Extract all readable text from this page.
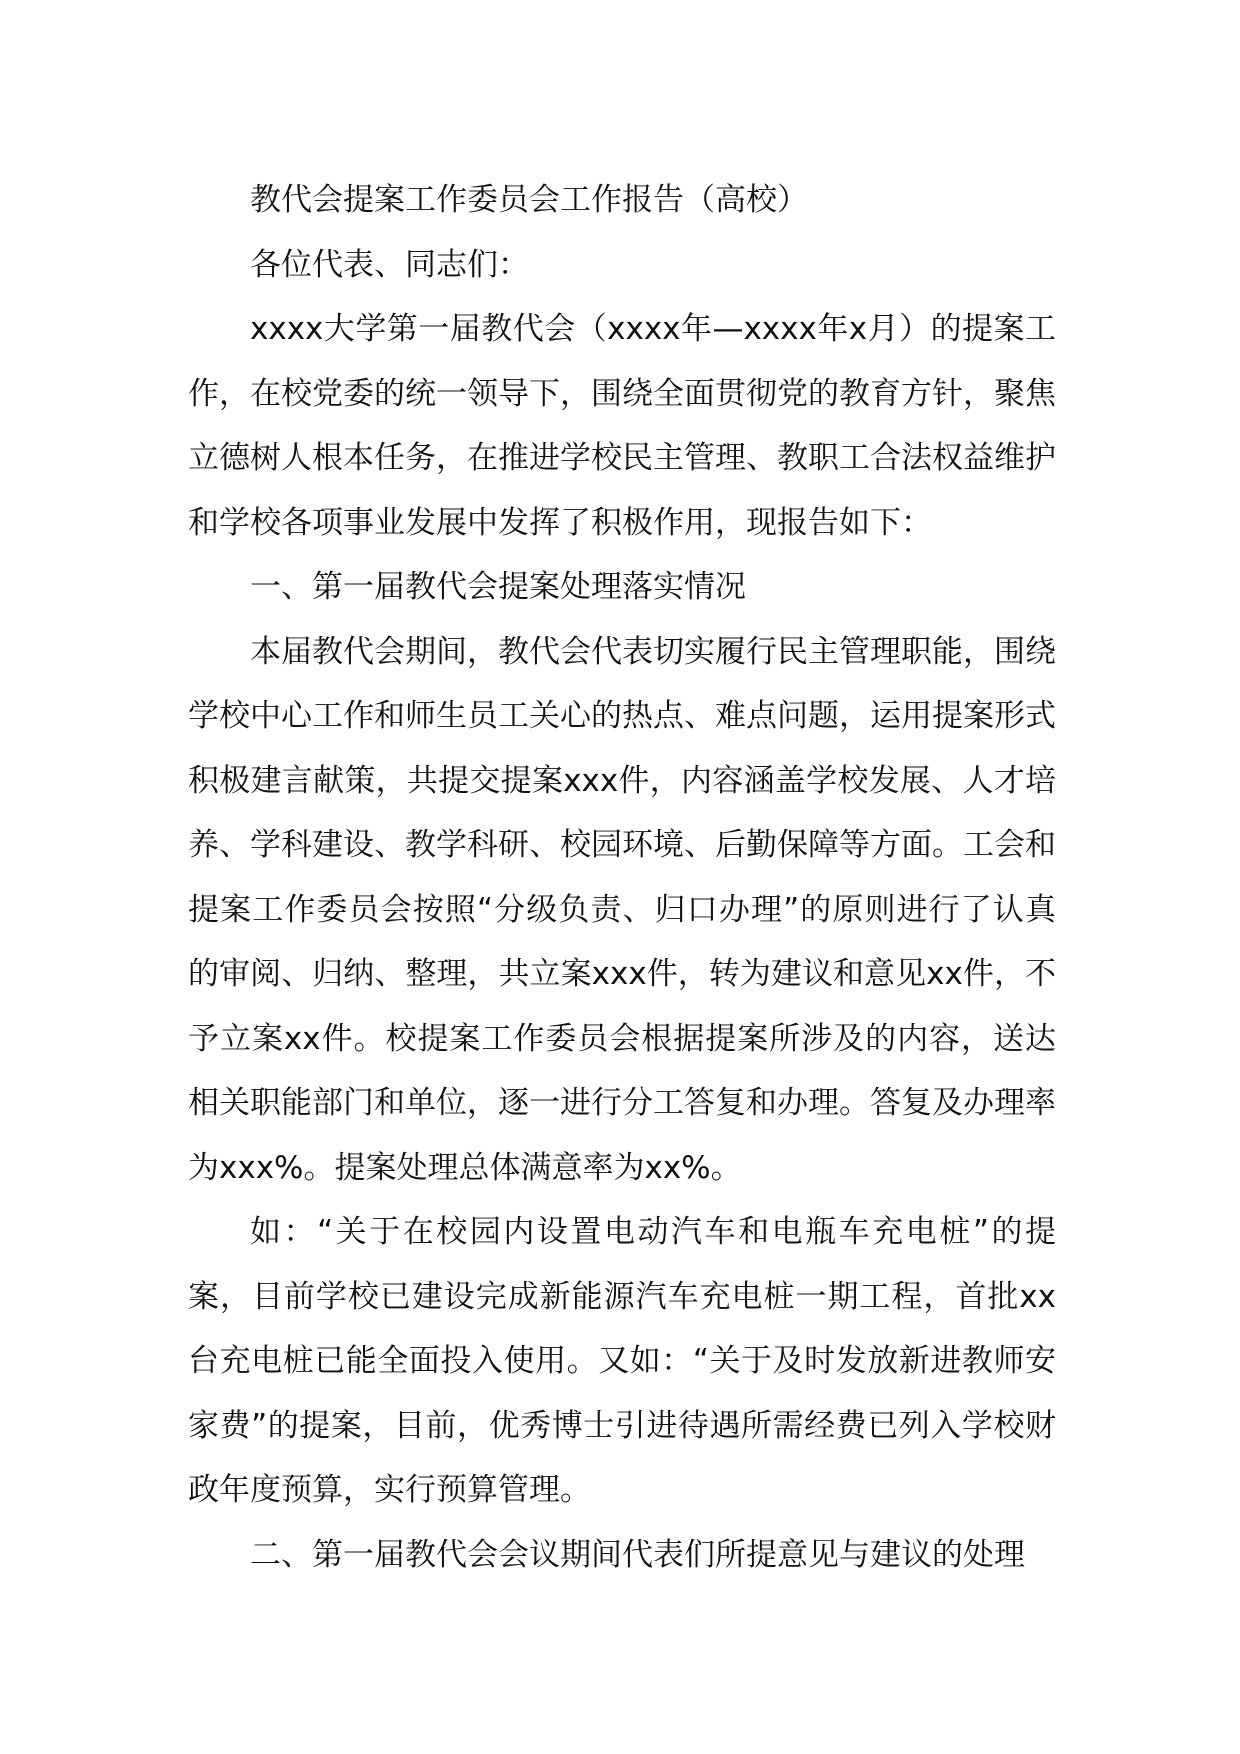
教代会提案工作委员会工作报告（高校）

各位代表、同志们：

xxxx大学第一届教代会（xxxx年—xxxx年x月）的提案工作，在校党委的统一领导下，围绕全面贯彻党的教育方针，聚焦立德树人根本任务，在推进学校民主管理、教职工合法权益维护和学校各项事业发展中发挥了积极作用，现报告如下：

一、第一届教代会提案处理落实情况

本届教代会期间，教代会代表切实履行民主管理职能，围绕学校中心工作和师生员工关心的热点、难点问题，运用提案形式积极建言献策，共提交提案xxx件，内容涵盖学校发展、人才培养、学科建设、教学科研、校园环境、后勤保障等方面。工会和提案工作委员会按照“分级负责、归口办理”的原则进行了认真的审阅、归纳、整理，共立案xxx件，转为建议和意见xx件，不予立案xx件。校提案工作委员会根据提案所涉及的内容，送达相关职能部门和单位，逐一进行分工答复和办理。答复及办理率为xxx%。提案处理总体满意率为xx%。

如：“关于在校园内设置电动汽车和电瓶车充电桩”的提案，目前学校已建设完成新能源汽车充电桩一期工程，首批xx台充电桩已能全面投入使用。又如：“关于及时发放新进教师安家费”的提案，目前，优秀博士引进待遇所需经费已列入学校财政年度预算，实行预算管理。

二、第一届教代会会议期间代表们所提意见与建议的处理
